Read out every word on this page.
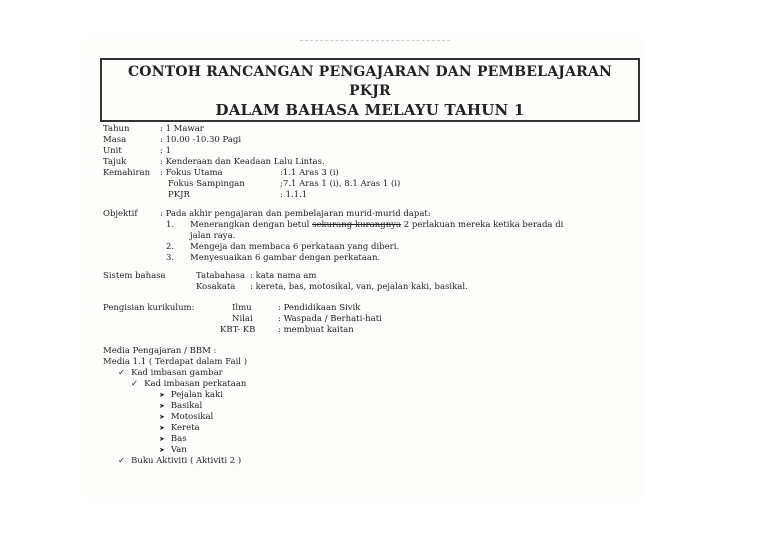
CONTOH RANCANGAN PENGAJARAN DAN PEMBELAJARAN
PKJR
DALAM BAHASA MELAYU TAHUN 1
Tahun	: 1 Mawar
Masa	: 10.00 -10.30 Pagi
Unit	: 1
Tajuk	: Kenderaan dan Keadaan Lalu Lintas.
Kemahiran : Fokus Utama	:1.1 Aras 3 (i)
Fokus Sampingan	;7.1 Aras 1 (i), 8.1 Aras 1 (i)
PKJR	: 1.1.1
Objektif	: Pada akhir pengajaran dan pembelajaran murid-murid dapat:
1. Menerangkan dengan betul sekurang-kurangnya 2 perlakuan mereka ketika berada di
jalan raya.
2. Mengeja dan membaca 6 perkataan yang diberi.
3. Menyesuaikan 6 gambar dengan perkataan.
Sistem bahasa	Tatabahasa : kata nama am
Kosakata : kereta, bas, motosikal, van, pejalan kaki, basikal.
Pengisian kurikulum:	Ilmu	: Pendidikaan Sivik
Nilai	: Waspada / Berhati-hati
KBT- KB	: membuat kaitan
Media Pengajaran / BBM :
Media 1.1 ( Terdapat dalam Fail )
✓ Kad imbasan gambar
✓ Kad imbasan perkataan
➤ Pejalan kaki
➤ Basikal
➤ Motosikal
➤ Kereta
➤ Bas
➤ Van
✓ Buku Aktiviti ( Aktiviti 2 )
